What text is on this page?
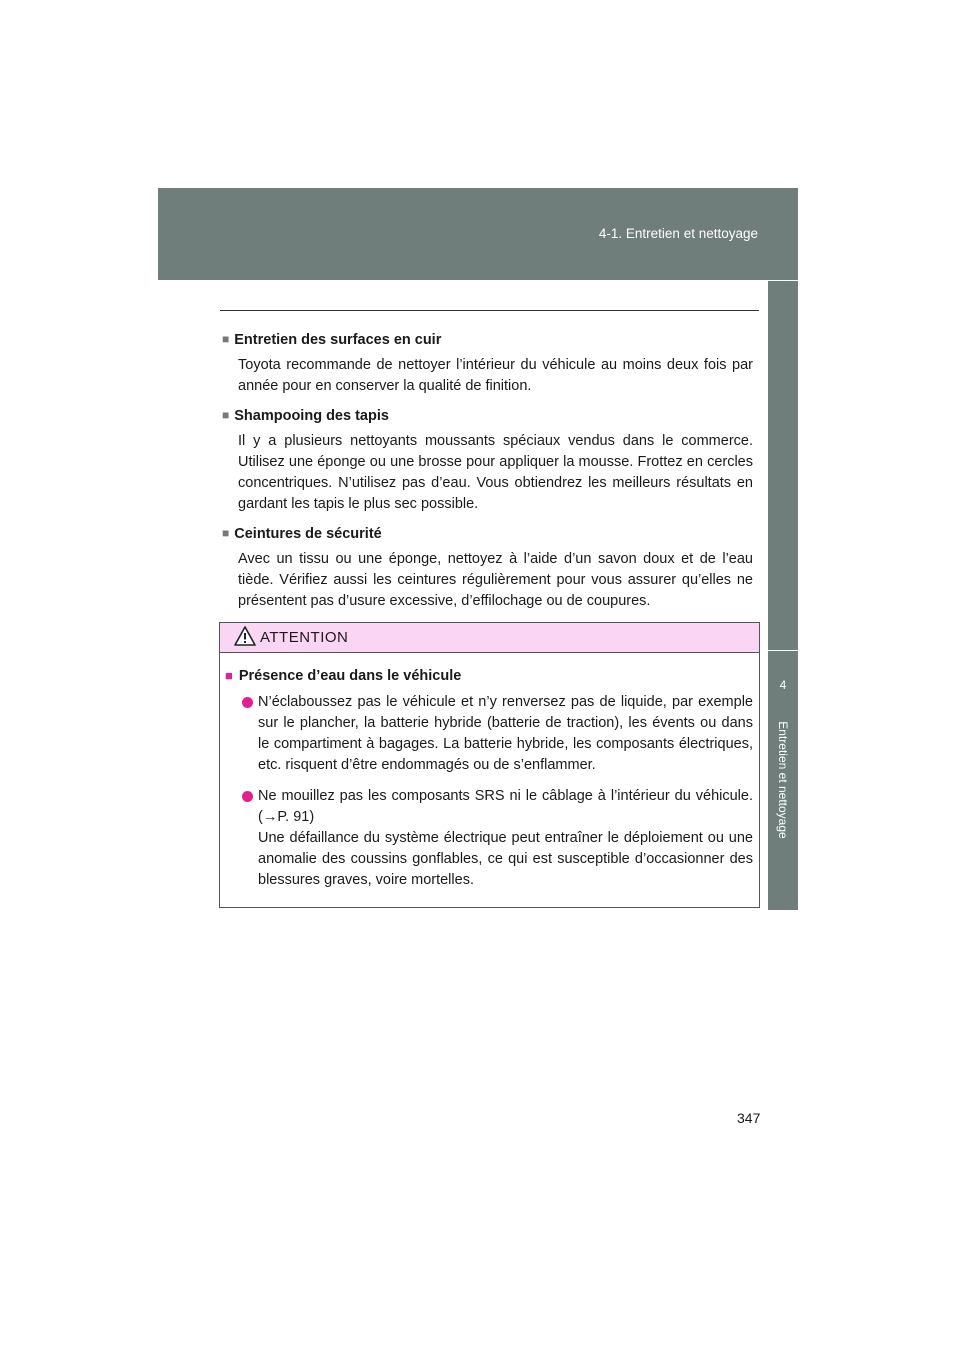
4-1. Entretien et nettoyage
4
Entretien et nettoyage
■ Entretien des surfaces en cuir
Toyota recommande de nettoyer l’intérieur du véhicule au moins deux fois par année pour en conserver la qualité de finition.
■ Shampooing des tapis
Il y a plusieurs nettoyants moussants spéciaux vendus dans le commerce. Utilisez une éponge ou une brosse pour appliquer la mousse. Frottez en cercles concentriques. N’utilisez pas d’eau. Vous obtiendrez les meilleurs résultats en gardant les tapis le plus sec possible.
■ Ceintures de sécurité
Avec un tissu ou une éponge, nettoyez à l’aide d’un savon doux et de l’eau tiède. Vérifiez aussi les ceintures régulièrement pour vous assurer qu’elles ne présentent pas d’usure excessive, d’effilochage ou de coupures.
ATTENTION
■ Présence d’eau dans le véhicule
N’éclaboussez pas le véhicule et n’y renversez pas de liquide, par exemple sur le plancher, la batterie hybride (batterie de traction), les évents ou dans le compartiment à bagages. La batterie hybride, les composants électriques, etc. risquent d’être endommagés ou de s’enflammer.
Ne mouillez pas les composants SRS ni le câblage à l’intérieur du véhicule. (→P. 91)
Une défaillance du système électrique peut entraîner le déploiement ou une anomalie des coussins gonflables, ce qui est susceptible d’occasionner des blessures graves, voire mortelles.
347
